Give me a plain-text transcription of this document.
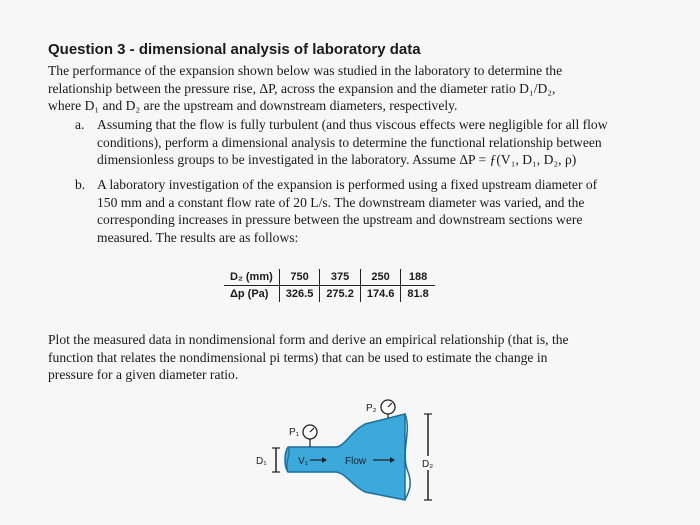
Question 3 - dimensional analysis of laboratory data

The performance of the expansion shown below was studied in the laboratory to determine the
relationship between the pressure rise, ΔP, across the expansion and the diameter ratio D₁/D₂,
where D₁ and D₂ are the upstream and downstream diameters, respectively.

a. Assuming that the flow is fully turbulent (and thus viscous effects were negligible for all flow
conditions), perform a dimensional analysis to determine the functional relationship between
dimensionless groups to be investigated in the laboratory. Assume ΔP = ƒ(V₁, D₁, D₂, ρ)
b. A laboratory investigation of the expansion is performed using a fixed upstream diameter of
150 mm and a constant flow rate of 20 L/s. The downstream diameter was varied, and the
corresponding increases in pressure between the upstream and downstream sections were
measured. The results are as follows:
D₂ (mm)	750	375	250	188
Δp (Pa)	326.5	275.2	174.6	81.8
Plot the measured data in nondimensional form and derive an empirical relationship (that is, the
function that relates the nondimensional pi terms) that can be used to estimate the change in
pressure for a given diameter ratio.
P₁
P₂
D₁	V₁	Flow	D₂
